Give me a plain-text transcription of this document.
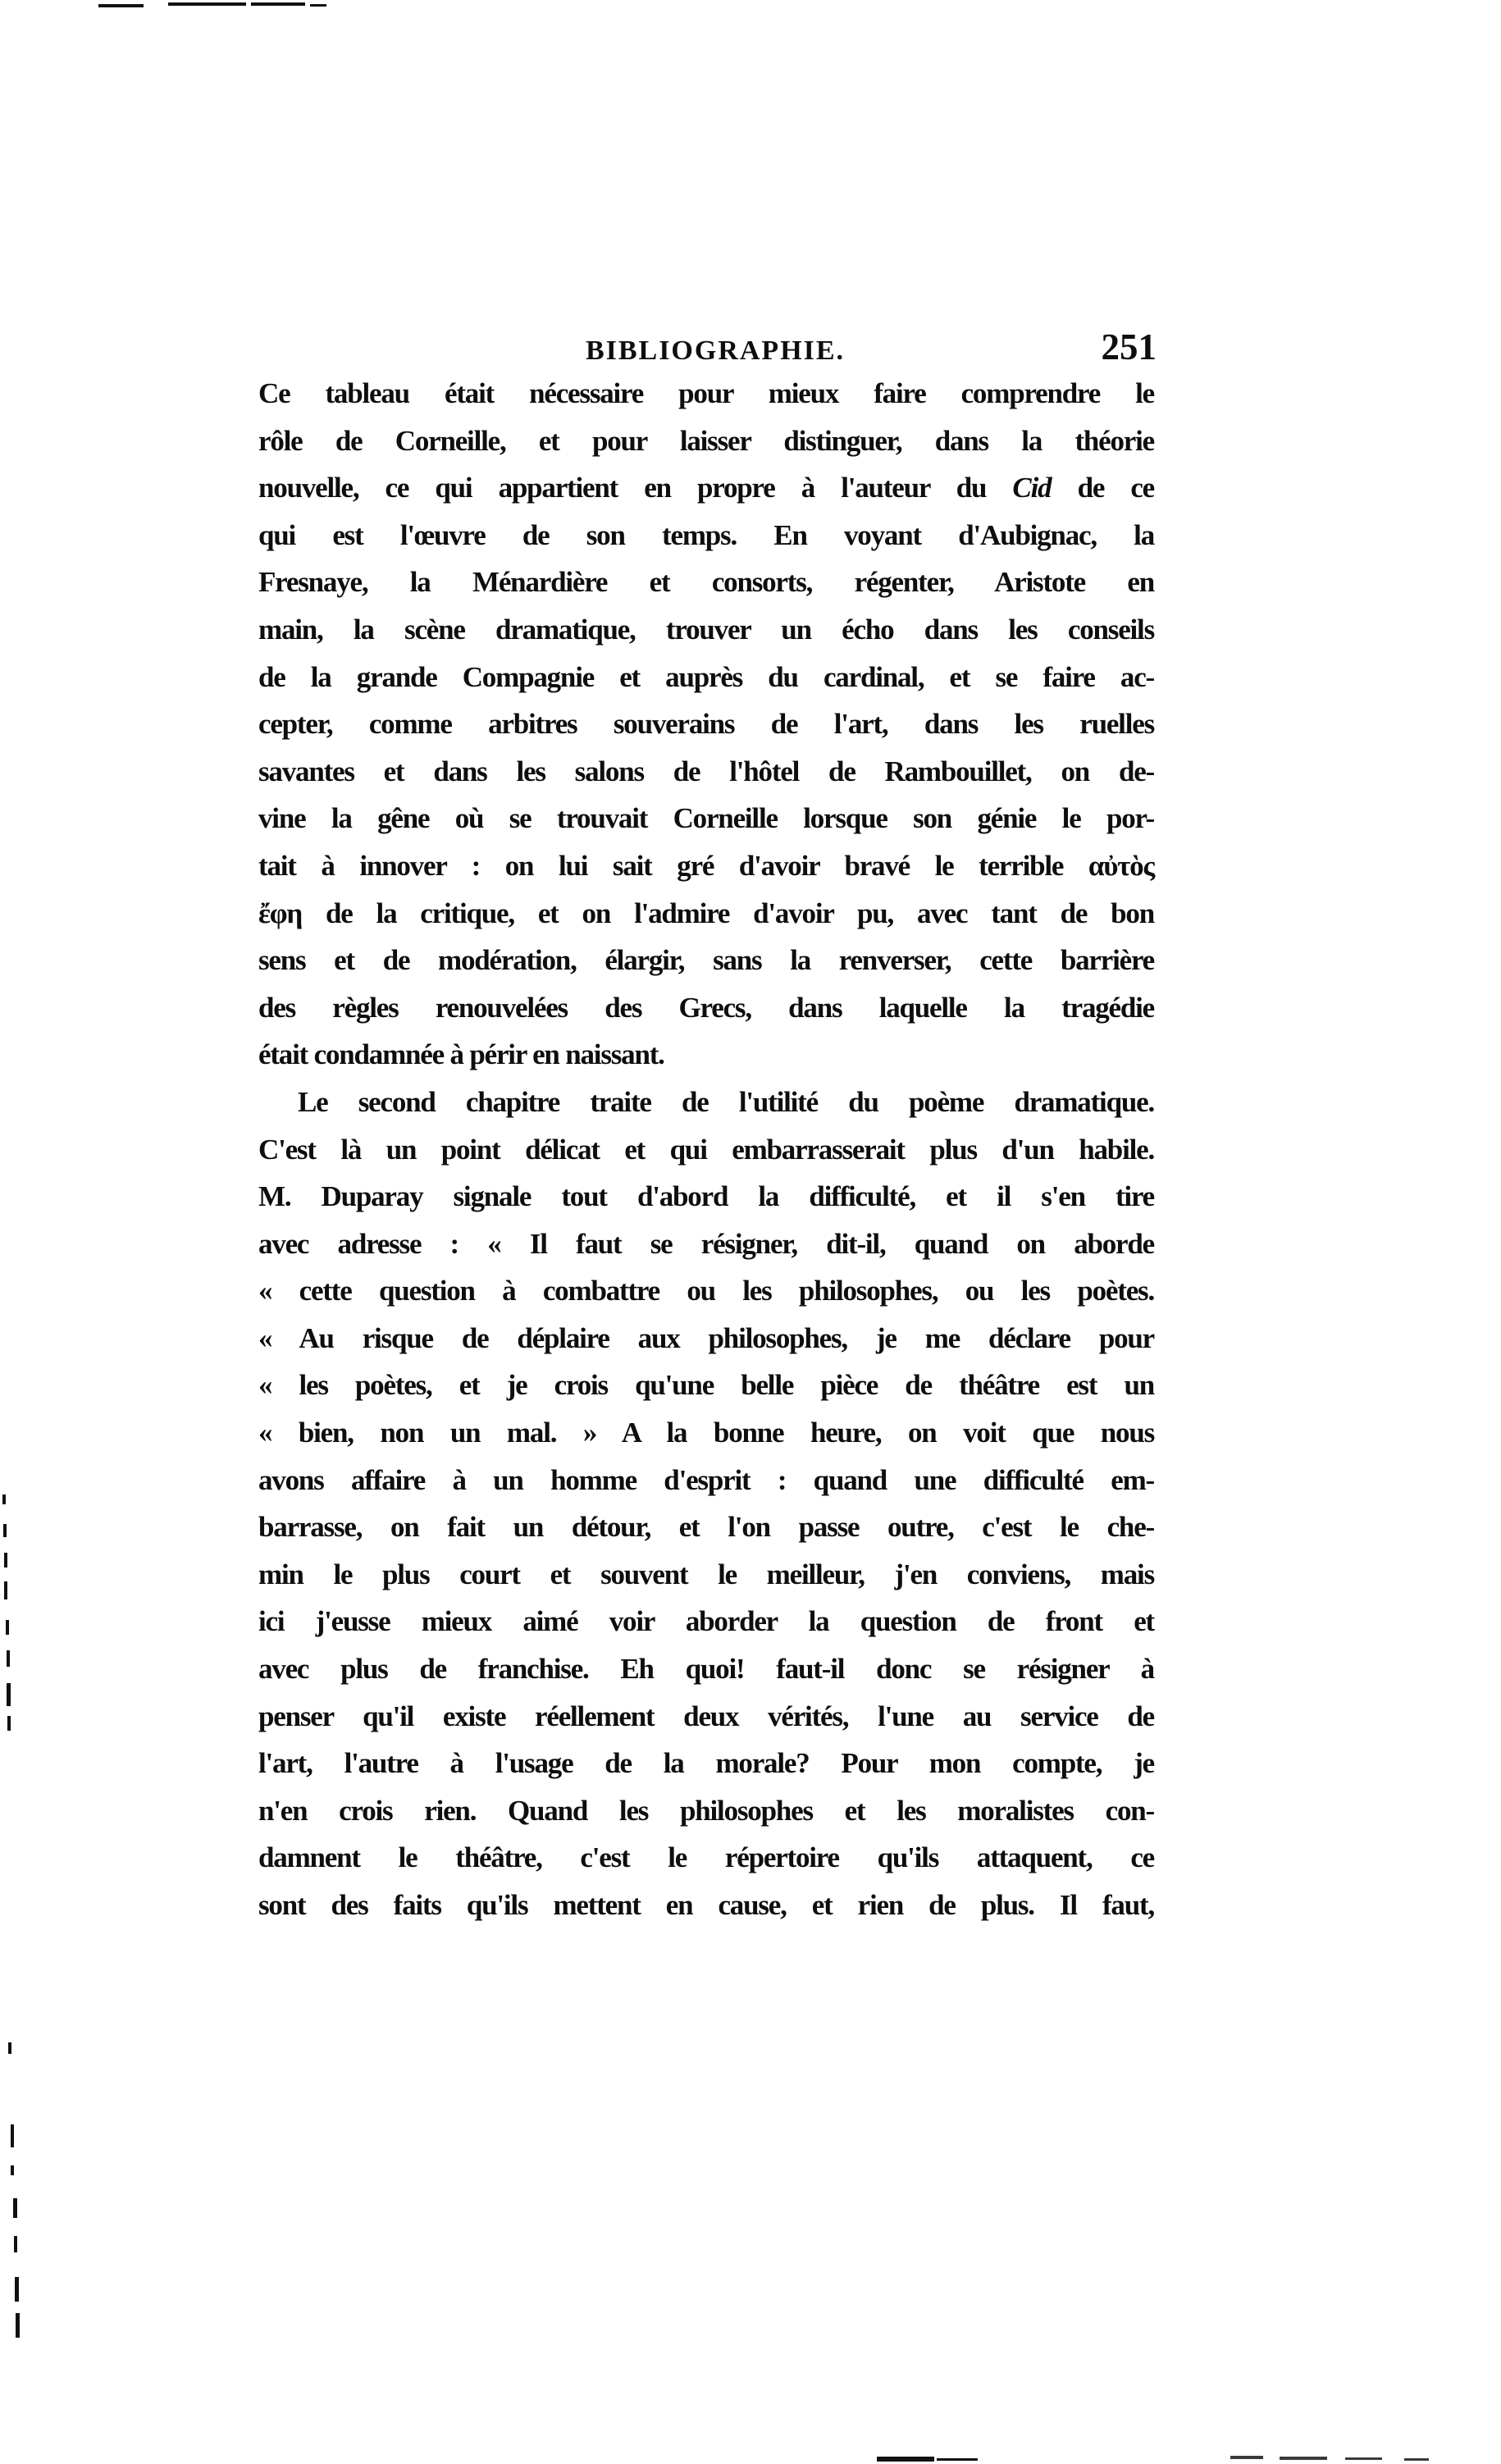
BIBLIOGRAPHIE.	251
Ce tableau était nécessaire pour mieux faire comprendre le
rôle de Corneille, et pour laisser distinguer, dans la théorie
nouvelle, ce qui appartient en propre à l'auteur du Cid de ce
qui est l'œuvre de son temps. En voyant d'Aubignac, la
Fresnaye, la Ménardière et consorts, régenter, Aristote en
main, la scène dramatique, trouver un écho dans les conseils
de la grande Compagnie et auprès du cardinal, et se faire ac-
cepter, comme arbitres souverains de l'art, dans les ruelles
savantes et dans les salons de l'hôtel de Rambouillet, on de-
vine la gêne où se trouvait Corneille lorsque son génie le por-
tait à innover : on lui sait gré d'avoir bravé le terrible αὐτὸς
ἔφη de la critique, et on l'admire d'avoir pu, avec tant de bon
sens et de modération, élargir, sans la renverser, cette barrière
des règles renouvelées des Grecs, dans laquelle la tragédie
était condamnée à périr en naissant.
Le second chapitre traite de l'utilité du poème dramatique.
C'est là un point délicat et qui embarrasserait plus d'un habile.
M. Duparay signale tout d'abord la difficulté, et il s'en tire
avec adresse : « Il faut se résigner, dit-il, quand on aborde
« cette question à combattre ou les philosophes, ou les poètes.
« Au risque de déplaire aux philosophes, je me déclare pour
« les poètes, et je crois qu'une belle pièce de théâtre est un
« bien, non un mal. » A la bonne heure, on voit que nous
avons affaire à un homme d'esprit : quand une difficulté em-
barrasse, on fait un détour, et l'on passe outre, c'est le che-
min le plus court et souvent le meilleur, j'en conviens, mais
ici j'eusse mieux aimé voir aborder la question de front et
avec plus de franchise. Eh quoi! faut-il donc se résigner à
penser qu'il existe réellement deux vérités, l'une au service de
l'art, l'autre à l'usage de la morale? Pour mon compte, je
n'en crois rien. Quand les philosophes et les moralistes con-
damnent le théâtre, c'est le répertoire qu'ils attaquent, ce
sont des faits qu'ils mettent en cause, et rien de plus. Il faut,
